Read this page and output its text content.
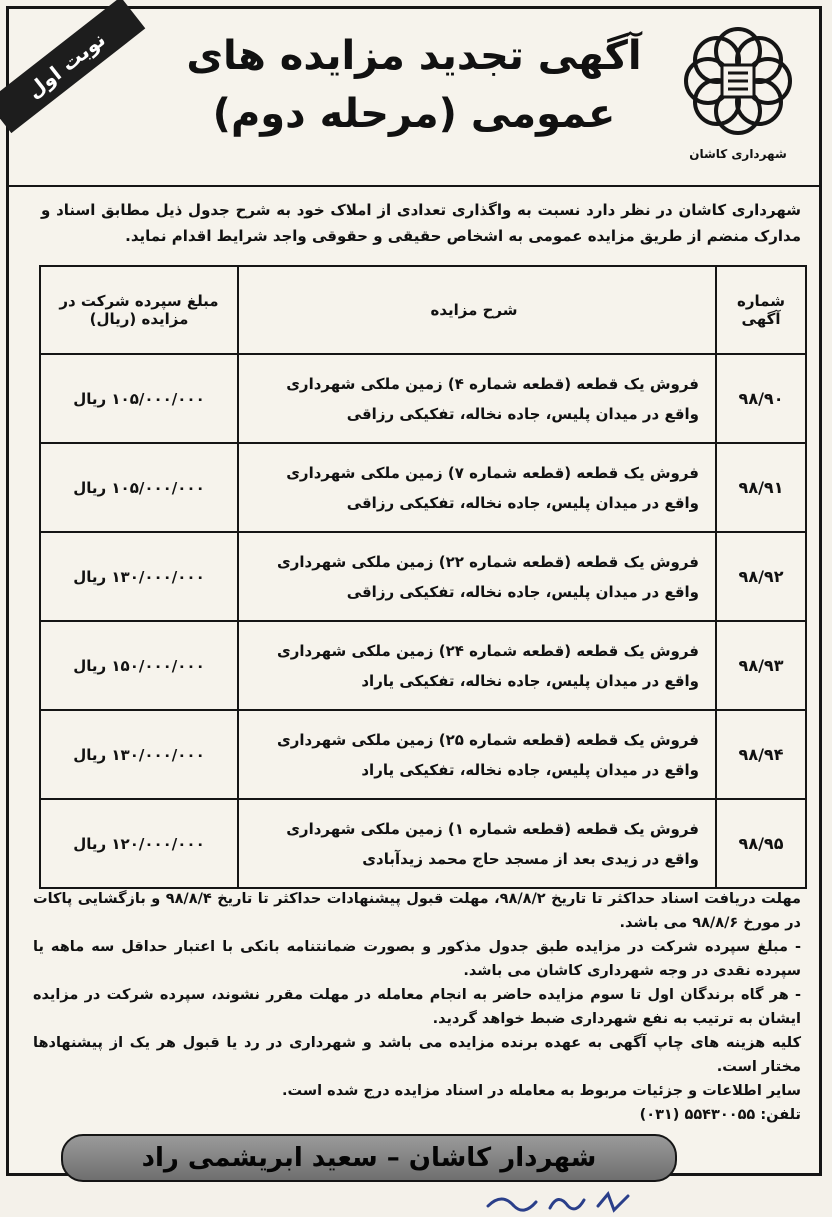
نوبت اول	آگهی تجدید مزایده های
عمومی (مرحله دوم)
شهرداری کاشان
شهرداری کاشان در نظر دارد نسبت به واگذاری تعدادی از املاک خود به شرح جدول ذیل مطابق اسناد و مدارک منضم از طریق مزایده عمومی به اشخاص حقیقی و حقوقی واجد شرایط اقدام نماید.
شماره آگهی	شرح مزایده	مبلغ سپرده شرکت در مزایده (ریال)
۹۸/۹۰	فروش یک قطعه (قطعه شماره ۴) زمین ملکی شهرداری واقع در میدان پلیس، جاده نخاله، تفکیکی رزاقی	۱۰۵/۰۰۰/۰۰۰ ریال
۹۸/۹۱	فروش یک قطعه (قطعه شماره ۷) زمین ملکی شهرداری واقع در میدان پلیس، جاده نخاله، تفکیکی رزاقی	۱۰۵/۰۰۰/۰۰۰ ریال
۹۸/۹۲	فروش یک قطعه (قطعه شماره ۲۲) زمین ملکی شهرداری واقع در میدان پلیس، جاده نخاله، تفکیکی رزاقی	۱۳۰/۰۰۰/۰۰۰ ریال
۹۸/۹۳	فروش یک قطعه (قطعه شماره ۲۴) زمین ملکی شهرداری واقع در میدان پلیس، جاده نخاله، تفکیکی یاراد	۱۵۰/۰۰۰/۰۰۰ ریال
۹۸/۹۴	فروش یک قطعه (قطعه شماره ۲۵) زمین ملکی شهرداری واقع در میدان پلیس، جاده نخاله، تفکیکی یاراد	۱۳۰/۰۰۰/۰۰۰ ریال
۹۸/۹۵	فروش یک قطعه (قطعه شماره ۱) زمین ملکی شهرداری واقع در زیدی بعد از مسجد حاج محمد زیدآبادی	۱۲۰/۰۰۰/۰۰۰ ریال

مهلت دریافت اسناد حداکثر تا تاریخ ۹۸/۸/۲، مهلت قبول پیشنهادات حداکثر تا تاریخ ۹۸/۸/۴ و بازگشایی پاکات در مورخ ۹۸/۸/۶ می باشد.

- مبلغ سپرده شرکت در مزایده طبق جدول مذکور و بصورت ضمانتنامه بانکی با اعتبار حداقل سه ماهه یا سپرده نقدی در وجه شهرداری کاشان می باشد.

- هر گاه برندگان اول تا سوم مزایده حاضر به انجام معامله در مهلت مقرر نشوند، سپرده شرکت در مزایده ایشان به ترتیب به نفع شهرداری ضبط خواهد گردید.

کلیه هزینه های چاپ آگهی به عهده برنده مزایده می باشد و شهرداری در رد یا قبول هر یک از پیشنهادها مختار است.

سایر اطلاعات و جزئیات مربوط به معامله در اسناد مزایده درج شده است.

تلفن: ۵۵۴۳۰۰۵۵ (۰۳۱)

شهردار کاشان – سعید ابریشمی راد
